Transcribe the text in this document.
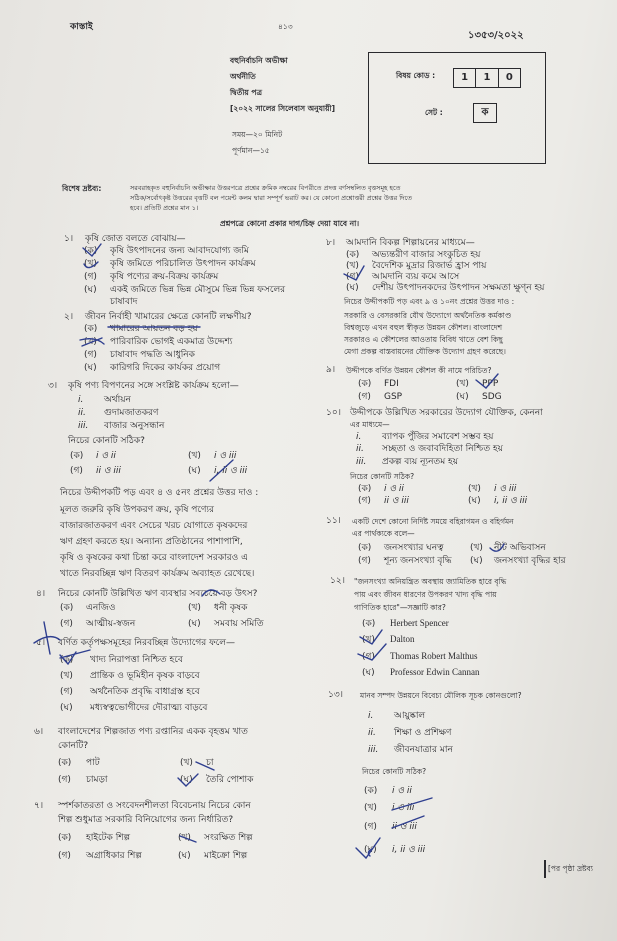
কাস্তাই	৪১৩
১৩৫৩/২০২২
বহুনির্বাচনি অভীক্ষা
অর্থনীতি
দ্বিতীয় পত্র
[২০২২ সালের সিলেবাস অনুযায়ী]
সময়—২০ মিনিট
পূর্ণমান—১৫
বিষয় কোড :	1	1	0
সেট :	ক
বিশেষ দ্রষ্টব্য:	সরবরাহকৃত বহুনির্বাচনি অভীক্ষার উত্তরপত্রে প্রশ্নের ক্রমিক নম্বরের বিপরীতে প্রদত্ত বর্ণসম্বলিত বৃত্তসমূহ হতে
সঠিক/সর্বোৎকৃষ্ট উত্তরের বৃত্তটি বল পয়েন্ট কলম দ্বারা সম্পূর্ণ ভরাট কর। যে কোনো প্রশ্নোত্তরী প্রশ্নের উত্তর দিতে
হবে। প্রতিটি প্রশ্নের মান ১।
প্রশ্নপত্রে কোনো প্রকার দাগ/চিহ্ন দেয়া যাবে না।
১। কৃষি জোত বলতে বোঝায়—
(ক) কৃষি উৎপাদনের জন্য আবাদযোগ্য জমি
(খ) কৃষি জমিতে পরিচালিত উৎপাদন কার্যক্রম
(গ) কৃষি পণ্যের ক্রয়-বিক্রয় কার্যক্রম
(ঘ) একই জমিতে ভিন্ন ভিন্ন মৌসুমে ভিন্ন ভিন্ন ফসলের
চাষাবাদ
২। জীবন নির্বাহী খামারের ক্ষেত্রে কোনটি লক্ষণীয়?
(ক) খামারের আয়তন বড় হয়
(খ) পারিবারিক ভোগই একমাত্র উদ্দেশ্য
(গ) চাষাবাদ পদ্ধতি আধুনিক
(ঘ) কারিগরি দিকের কার্যকর প্রয়োগ
৩। কৃষি পণ্য বিপণনের সঙ্গে সংশ্লিষ্ট কার্যক্রম হলো—
i. অর্থায়ন
ii. গুদামজাতকরণ
iii. বাজার অনুসন্ধান
নিচের কোনটি সঠিক?
(ক) i ও ii	(খ) i ও iii
(গ) ii ও iii	(ঘ) i, ii ও iii
নিচের উদ্দীপকটি পড় এবং ৪ ও ৫নং প্রশ্নের উত্তর দাও :
মূলত জরুরি কৃষি উপকরণ ক্রয়, কৃষি পণ্যের
বাজারজাতকরণ এবং সেচের খরচ যোগাতে কৃষকদের
ঋণ গ্রহণ করতে হয়। অন্যান্য প্রতিষ্ঠানের পাশাপাশি,
কৃষি ও কৃষকের কথা চিন্তা করে বাংলাদেশ সরকারও এ
খাতে নিরবচ্ছিন্ন ঋণ বিতরণ কার্যক্রম অব্যাহত রেখেছে।
৪। নিচের কোনটি উল্লিখিত ঋণ ব্যবস্থার সবচেয়ে বড় উৎস?
(ক) এনজিও	(খ) ধনী কৃষক
(গ) আত্মীয়-স্বজন	(ঘ) সমবায় সমিতি
৫। বর্ণিত কর্তৃপক্ষসমূহের নিরবচ্ছিন্ন উদ্যোগের ফলে—
(ক) খাদ্য নিরাপত্তা নিশ্চিত হবে
(খ) প্রান্তিক ও ভূমিহীন কৃষক বাড়বে
(গ) অর্থনৈতিক প্রবৃদ্ধি বাধাগ্রস্ত হবে
(ঘ) মধ্যস্বত্বভোগীদের দৌরাত্ম্য বাড়বে
৬। বাংলাদেশের শিল্পজাত পণ্য রপ্তানির একক বৃহত্তম খাত
কোনটি?
(ক) পাট	(খ) চা
(গ) চামড়া	(ঘ) তৈরি পোশাক
৭। স্পর্শকাতরতা ও সংবেদনশীলতা বিবেচনায় নিচের কোন
শিল্প শুধুমাত্র সরকারি বিনিয়োগের জন্য নির্ধারিত?
(ক) হাইটেক শিল্প	(খ) সংরক্ষিত শিল্প
(গ) অগ্রাধিকার শিল্প	(ঘ) মাইক্রো শিল্প
৮। আমদানি বিকল্প শিল্পায়নের মাধ্যমে—
(ক) অভ্যন্তরীণ বাজার সংকুচিত হয়
(খ) বৈদেশিক মুদ্রার রিজার্ভ হ্রাস পায়
(গ) আমদানি ব্যয় কমে আসে
(ঘ) দেশীয় উৎপাদনকদের উৎপাদন সক্ষমতা ক্ষুণ্ন হয়
নিচের উদ্দীপকটি পড় এবং ৯ ও ১০নং প্রশ্নের উত্তর দাও :
সরকারি ও বেসরকারি যৌথ উদ্যোগে অর্থনৈতিক কর্মকাণ্ড
বিশ্বজুড়ে এখন বহুল স্বীকৃত উন্নয়ন কৌশল। বাংলাদেশ
সরকারও এ কৌশলের আওতায় বিবিধ খাতে বেশ কিছু
মেগা প্রকল্প বাস্তবায়নের যৌক্তিক উদ্যোগ গ্রহণ করেছে।
৯। উদ্দীপকে বর্ণিত উন্নয়ন কৌশল কী নামে পরিচিত?
(ক) FDI	(খ) PPP
(গ) GSP	(ঘ) SDG
১০। উদ্দীপকে উল্লিখিত সরকারের উদ্যোগ যৌক্তিক, কেননা
এর মাধ্যমে—
i. ব্যাপক পুঁজির সমাবেশ সম্ভব হয়
ii. সচ্ছতা ও জবাবদিহিতা নিশ্চিত হয়
iii. প্রকল্প ব্যয় ন্যূনতম হয়
নিচের কোনটি সঠিক?
(ক) i ও ii	(খ) i ও iii
(গ) ii ও iii	(ঘ) i, ii ও iii
১১। একটি দেশে কোনো নির্দিষ্ট সময়ে বহিরাগমন ও বহির্গমন
এর পার্থক্যকে বলে—
(ক) জনসংখ্যার ঘনত্ব	(খ) নীট অভিবাসন
(গ) শূন্য জনসংখ্যা বৃদ্ধি (ঘ) জনসংখ্যা বৃদ্ধির হার
১২। "জনসংখ্যা অনিয়ন্ত্রিত অবস্থায় জ্যামিতিক হারে বৃদ্ধি
পায় এবং জীবন ধারণের উপকরণ খাদ্য বৃদ্ধি পায়
গাণিতিক হারে"—সজ্ঞাটি কার?
(ক) Herbert Spencer
(খ) Dalton
(গ) Thomas Robert Malthus
(ঘ) Professor Edwin Cannan
১৩। মানব সম্পদ উন্নয়নে বিবেচ্য মৌলিক সূচক কোনগুলো?
i. আয়ুষ্কাল
ii. শিক্ষা ও প্রশিক্ষণ
iii. জীবনযাত্রার মান
নিচের কোনটি সঠিক?
(ক) i ও ii
(খ) i ও iii
(গ) ii ও iii
(ঘ) i, ii ও iii
[পর পৃষ্ঠা দ্রষ্টব্য
